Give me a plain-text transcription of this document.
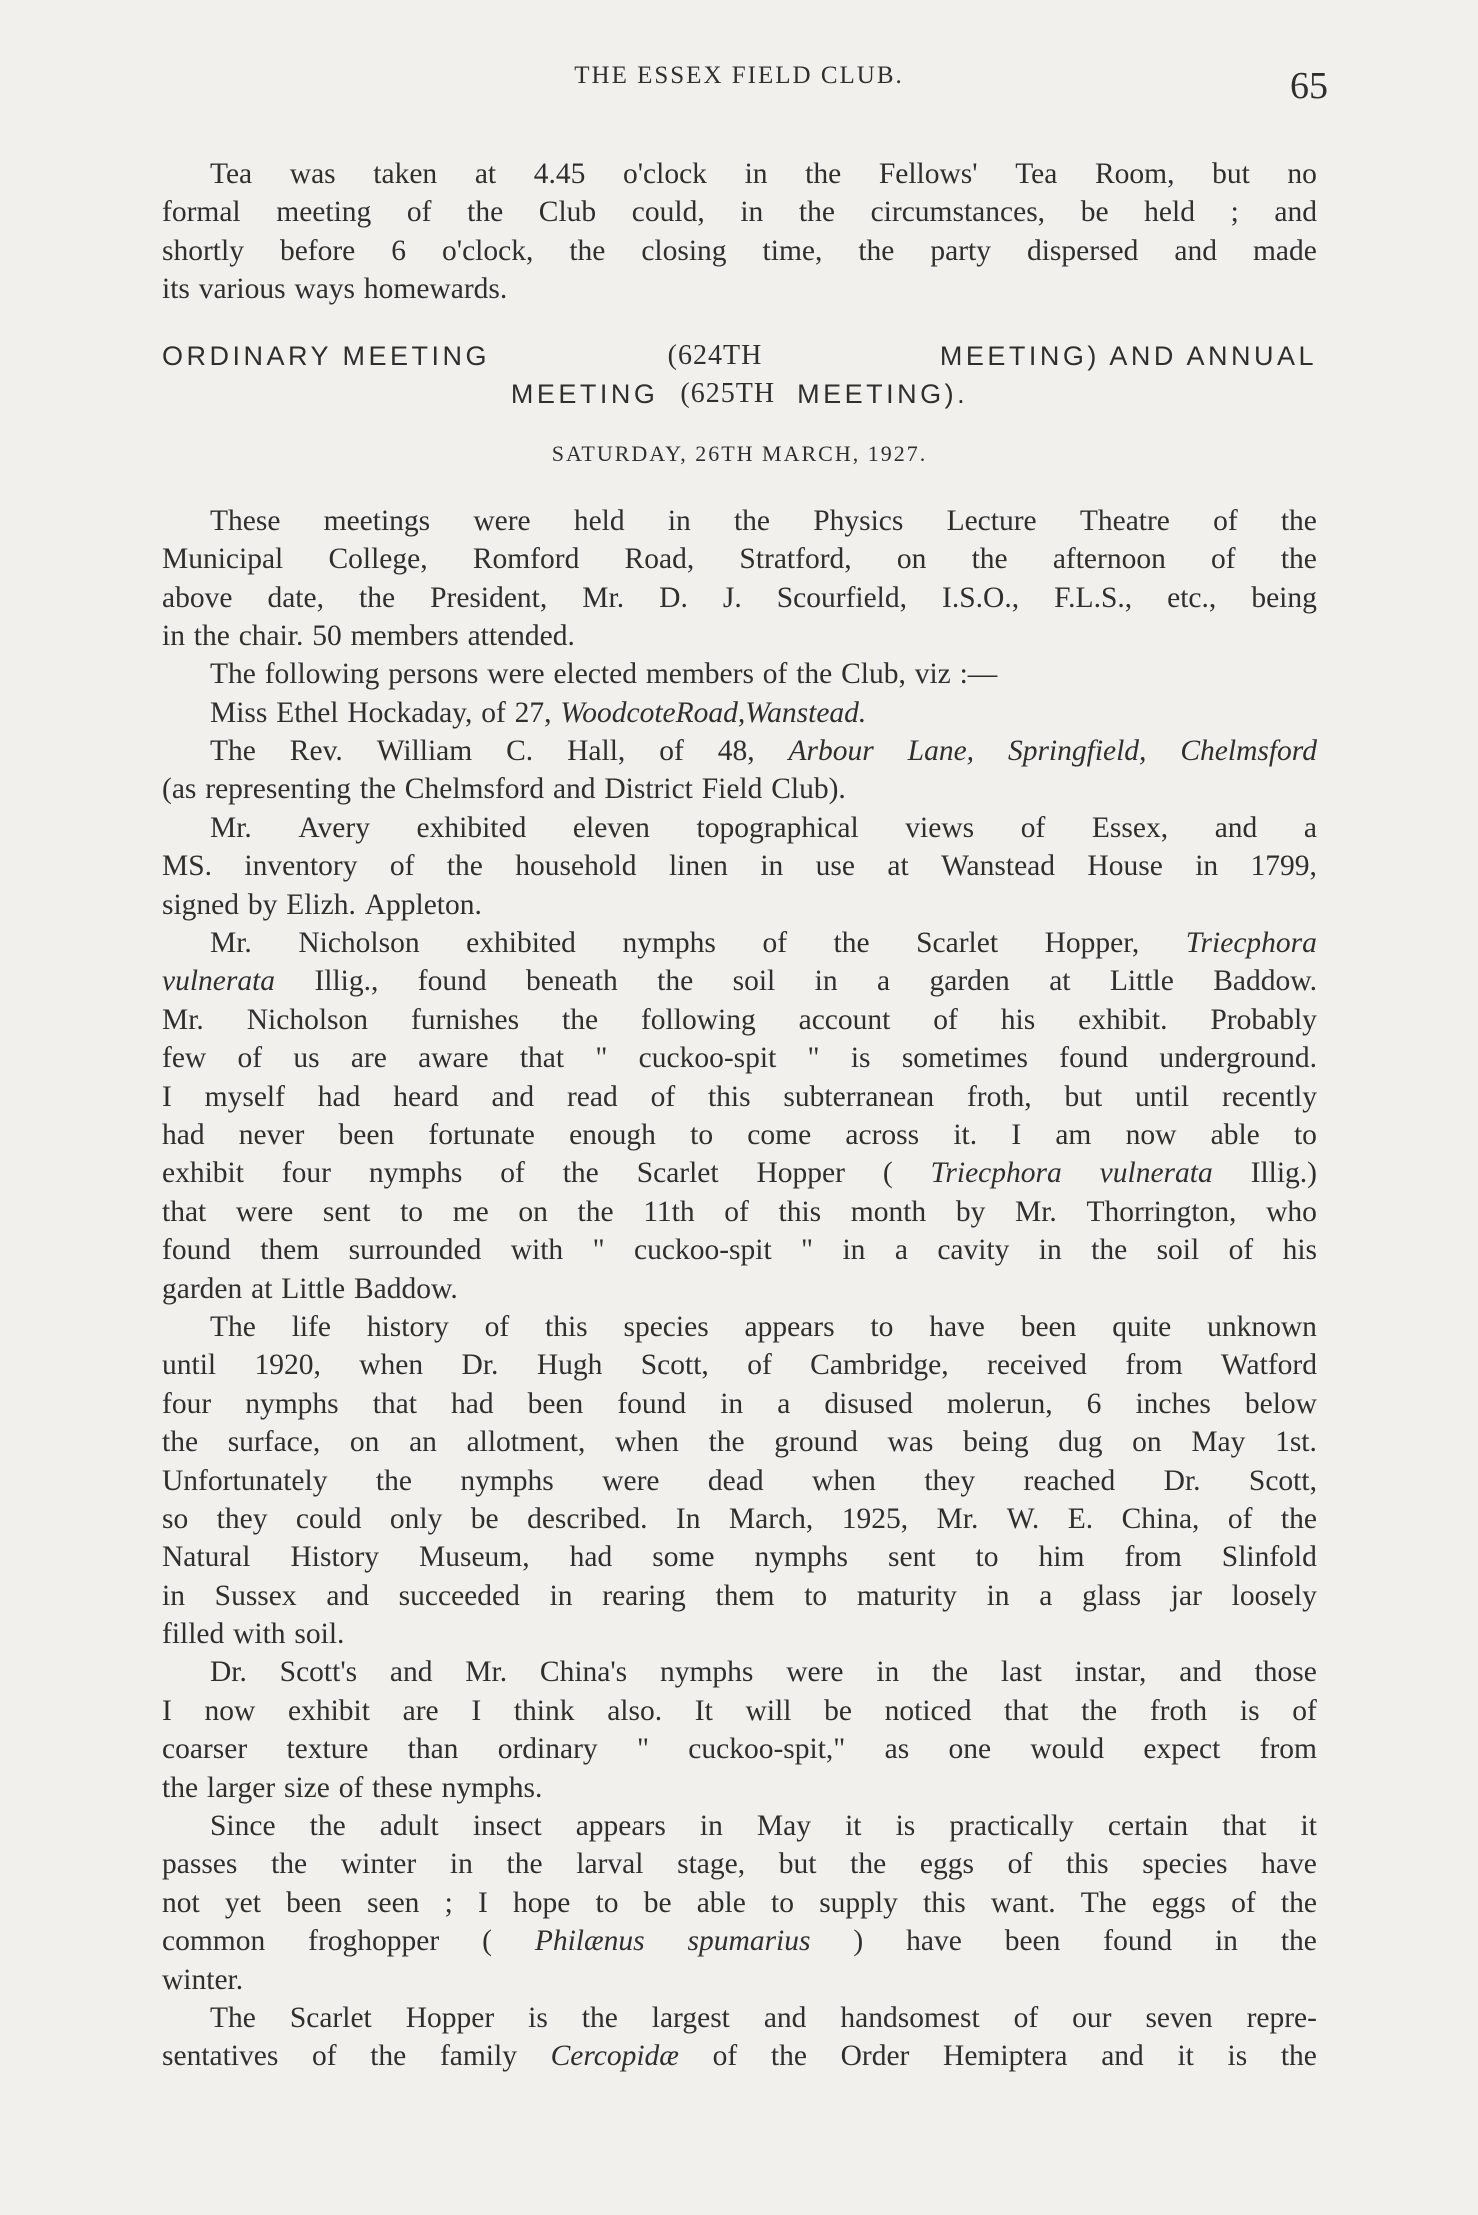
THE ESSEX FIELD CLUB.	65
Tea was taken at 4.45 o'clock in the Fellows' Tea Room, but no
formal meeting of the Club could, in the circumstances, be held ; and
shortly before 6 o'clock, the closing time, the party dispersed and made
its various ways homewards.
ORDINARY MEETING	(624TH	MEETING) AND ANNUAL
MEETING (625TH MEETING).
SATURDAY, 26TH MARCH, 1927.
These meetings were held in the Physics Lecture Theatre of the
Municipal College, Romford Road, Stratford, on the afternoon of the
above date, the President, Mr. D. J. Scourfield, I.S.O., F.L.S., etc., being
in the chair. 50 members attended.
The following persons were elected members of the Club, viz :—
Miss Ethel Hockaday, of 27, Woodcote Road, Wanstead.
The Rev. William C. Hall, of 48, Arbour Lane, Springfield, Chelmsford
(as representing the Chelmsford and District Field Club).
Mr. Avery exhibited eleven topographical views of Essex, and a
MS. inventory of the household linen in use at Wanstead House in 1799,
signed by Elizh. Appleton.
Mr. Nicholson exhibited nymphs of the Scarlet Hopper, Triecphora
vulnerata Illig., found beneath the soil in a garden at Little Baddow.
Mr. Nicholson furnishes the following account of his exhibit. Probably
few of us are aware that " cuckoo-spit " is sometimes found underground.
I myself had heard and read of this subterranean froth, but until recently
had never been fortunate enough to come across it. I am now able to
exhibit four nymphs of the Scarlet Hopper ( Triecphora vulnerata Illig.)
that were sent to me on the 11th of this month by Mr. Thorrington, who
found them surrounded with " cuckoo-spit " in a cavity in the soil of his
garden at Little Baddow.
The life history of this species appears to have been quite unknown
until 1920, when Dr. Hugh Scott, of Cambridge, received from Watford
four nymphs that had been found in a disused molerun, 6 inches below
the surface, on an allotment, when the ground was being dug on May 1st.
Unfortunately the nymphs were dead when they reached Dr. Scott,
so they could only be described. In March, 1925, Mr. W. E. China, of the
Natural History Museum, had some nymphs sent to him from Slinfold
in Sussex and succeeded in rearing them to maturity in a glass jar loosely
filled with soil.
Dr. Scott's and Mr. China's nymphs were in the last instar, and those
I now exhibit are I think also. It will be noticed that the froth is of
coarser texture than ordinary " cuckoo-spit," as one would expect from
the larger size of these nymphs.
Since the adult insect appears in May it is practically certain that it
passes the winter in the larval stage, but the eggs of this species have
not yet been seen ; I hope to be able to supply this want. The eggs of the
common froghopper ( Philænus spumarius ) have been found in the
winter.
The Scarlet Hopper is the largest and handsomest of our seven repre-
sentatives of the family Cercopidæ of the Order Hemiptera and it is the
